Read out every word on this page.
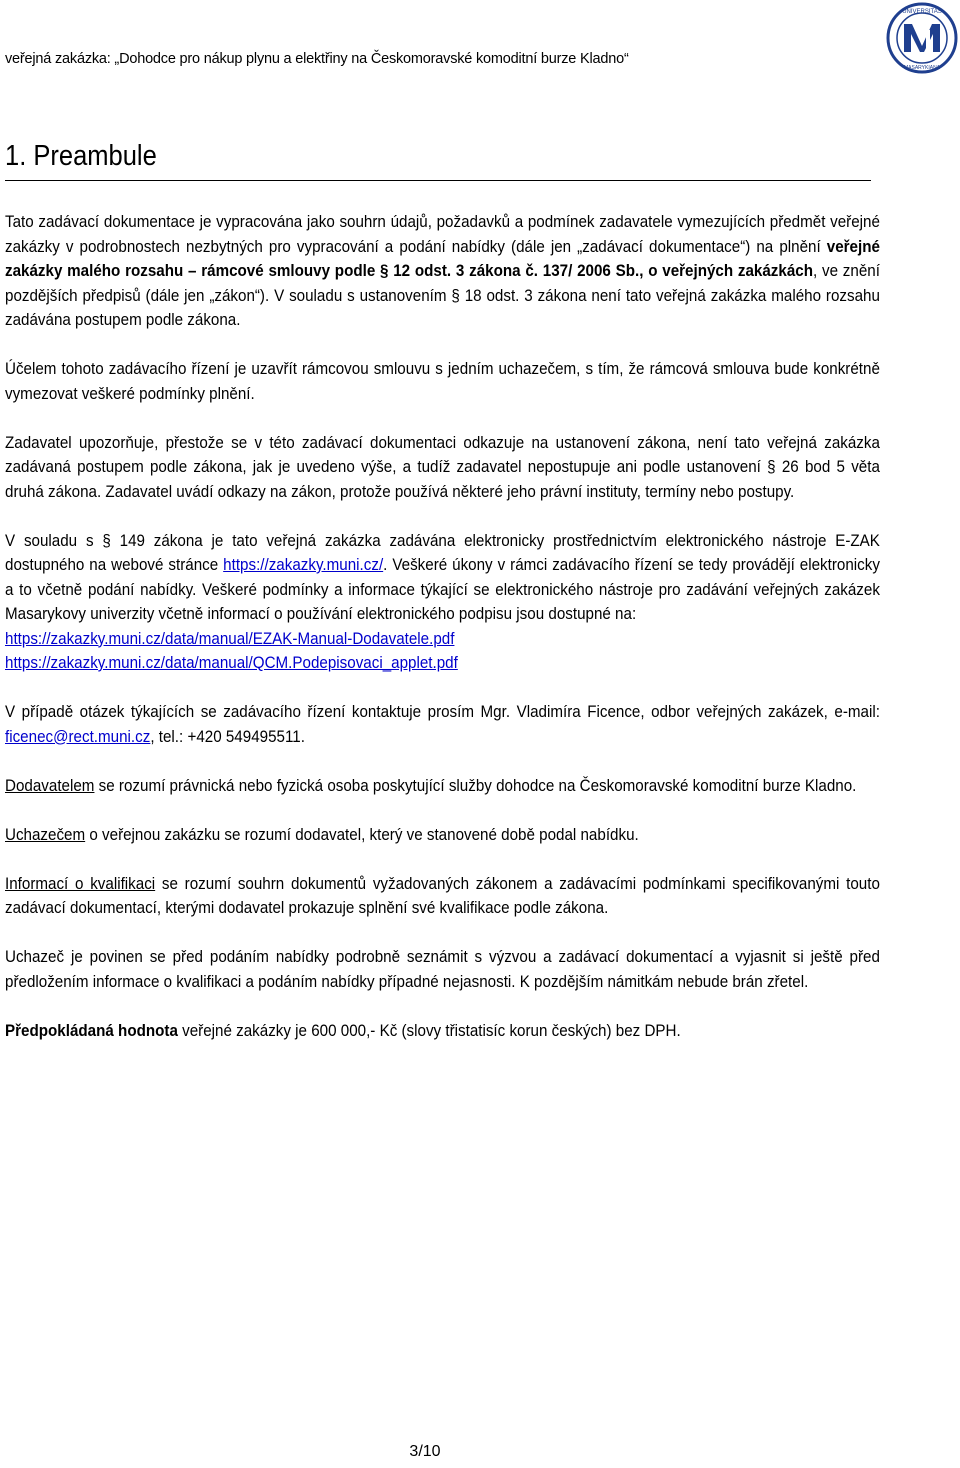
veřejná zakázka: „Dohodce pro nákup plynu a elektřiny na Českomoravské komoditní burze Kladno“
UNIVERSITAS
MASARYKIANA
1. Preambule

Tato zadávací dokumentace je vypracována jako souhrn údajů, požadavků a podmínek zadavatele vymezujících předmět veřejné zakázky v podrobnostech nezbytných pro vypracování a podání nabídky (dále jen „zadávací dokumentace“) na plnění veřejné zakázky malého rozsahu – rámcové smlouvy podle § 12 odst. 3 zákona č. 137/ 2006 Sb., o veřejných zakázkách, ve znění pozdějších předpisů (dále jen „zákon“). V souladu s ustanovením § 18 odst. 3 zákona není tato veřejná zakázka malého rozsahu zadávána postupem podle zákona.

Účelem tohoto zadávacího řízení je uzavřít rámcovou smlouvu s jedním uchazečem, s tím, že rámcová smlouva bude konkrétně vymezovat veškeré podmínky plnění.

Zadavatel upozorňuje, přestože se v této zadávací dokumentaci odkazuje na ustanovení zákona, není tato veřejná zakázka zadávaná postupem podle zákona, jak je uvedeno výše, a tudíž zadavatel nepostupuje ani podle ustanovení § 26 bod 5 věta druhá zákona. Zadavatel uvádí odkazy na zákon, protože používá některé jeho právní instituty, termíny nebo postupy.

V souladu s § 149 zákona je tato veřejná zakázka zadávána elektronicky prostřednictvím elektronického nástroje E-ZAK dostupného na webové stránce https://zakazky.muni.cz/. Veškeré úkony v rámci zadávacího řízení se tedy provádějí elektronicky a to včetně podání nabídky. Veškeré podmínky a informace týkající se elektronického nástroje pro zadávání veřejných zakázek Masarykovy univerzity včetně informací o používání elektronického podpisu jsou dostupné na:
https://zakazky.muni.cz/data/manual/EZAK-Manual-Dodavatele.pdf
https://zakazky.muni.cz/data/manual/QCM.Podepisovaci_applet.pdf

V případě otázek týkajících se zadávacího řízení kontaktuje prosím Mgr. Vladimíra Ficence, odbor veřejných zakázek, e-mail: ficenec@rect.muni.cz, tel.: +420 549495511.

Dodavatelem se rozumí právnická nebo fyzická osoba poskytující služby dohodce na Českomoravské komoditní burze Kladno.

Uchazečem o veřejnou zakázku se rozumí dodavatel, který ve stanovené době podal nabídku.

Informací o kvalifikaci se rozumí souhrn dokumentů vyžadovaných zákonem a zadávacími podmínkami specifikovanými touto zadávací dokumentací, kterými dodavatel prokazuje splnění své kvalifikace podle zákona.

Uchazeč je povinen se před podáním nabídky podrobně seznámit s výzvou a zadávací dokumentací a vyjasnit si ještě před předložením informace o kvalifikaci a podáním nabídky případné nejasnosti. K pozdějším námitkám nebude brán zřetel.

Předpokládaná hodnota veřejné zakázky je 600 000,- Kč (slovy třistatisíc korun českých) bez DPH.

3/10
